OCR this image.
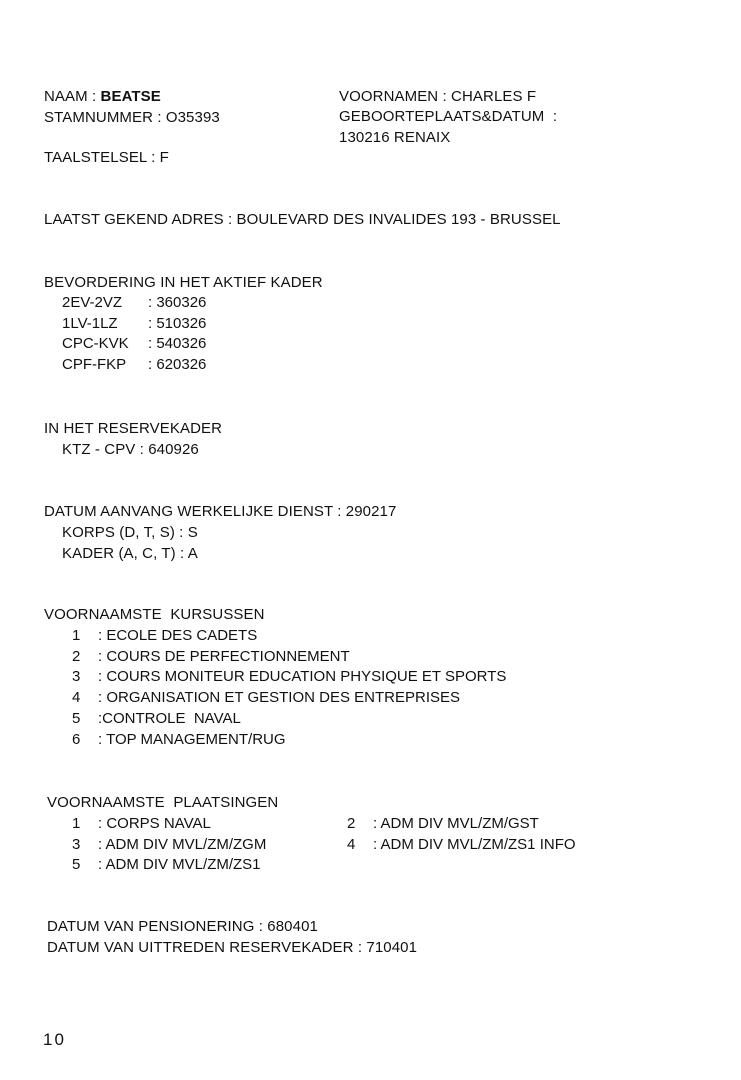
NAAM : BEATSE
STAMNUMMER : O35393
TAALSTELSEL : F
VOORNAMEN : CHARLES F
GEBOORTEPLAATS&DATUM  :
130216 RENAIX
LAATST GEKEND ADRES : BOULEVARD DES INVALIDES 193 - BRUSSEL
BEVORDERING IN HET AKTIEF KADER
2EV-2VZ	: 360326
1LV-1LZ	: 510326
CPC-KVK	: 540326
CPF-FKP	: 620326
IN HET RESERVEKADER
KTZ - CPV : 640926
DATUM AANVANG WERKELIJKE DIENST : 290217
KORPS (D, T, S) : S
KADER (A, C, T) : A
VOORNAAMSTE  KURSUSSEN
1 : ECOLE DES CADETS
2 : COURS DE PERFECTIONNEMENT
3 : COURS MONITEUR EDUCATION PHYSIQUE ET SPORTS
4 : ORGANISATION ET GESTION DES ENTREPRISES
5 :CONTROLE  NAVAL
6 : TOP MANAGEMENT/RUG
VOORNAAMSTE  PLAATSINGEN
1 : CORPS NAVAL
3 : ADM DIV MVL/ZM/ZGM
5 : ADM DIV MVL/ZM/ZS1
2 : ADM DIV MVL/ZM/GST
4 : ADM DIV MVL/ZM/ZS1 INFO
DATUM VAN PENSIONERING : 680401
DATUM VAN UITTREDEN RESERVEKADER : 710401
10
